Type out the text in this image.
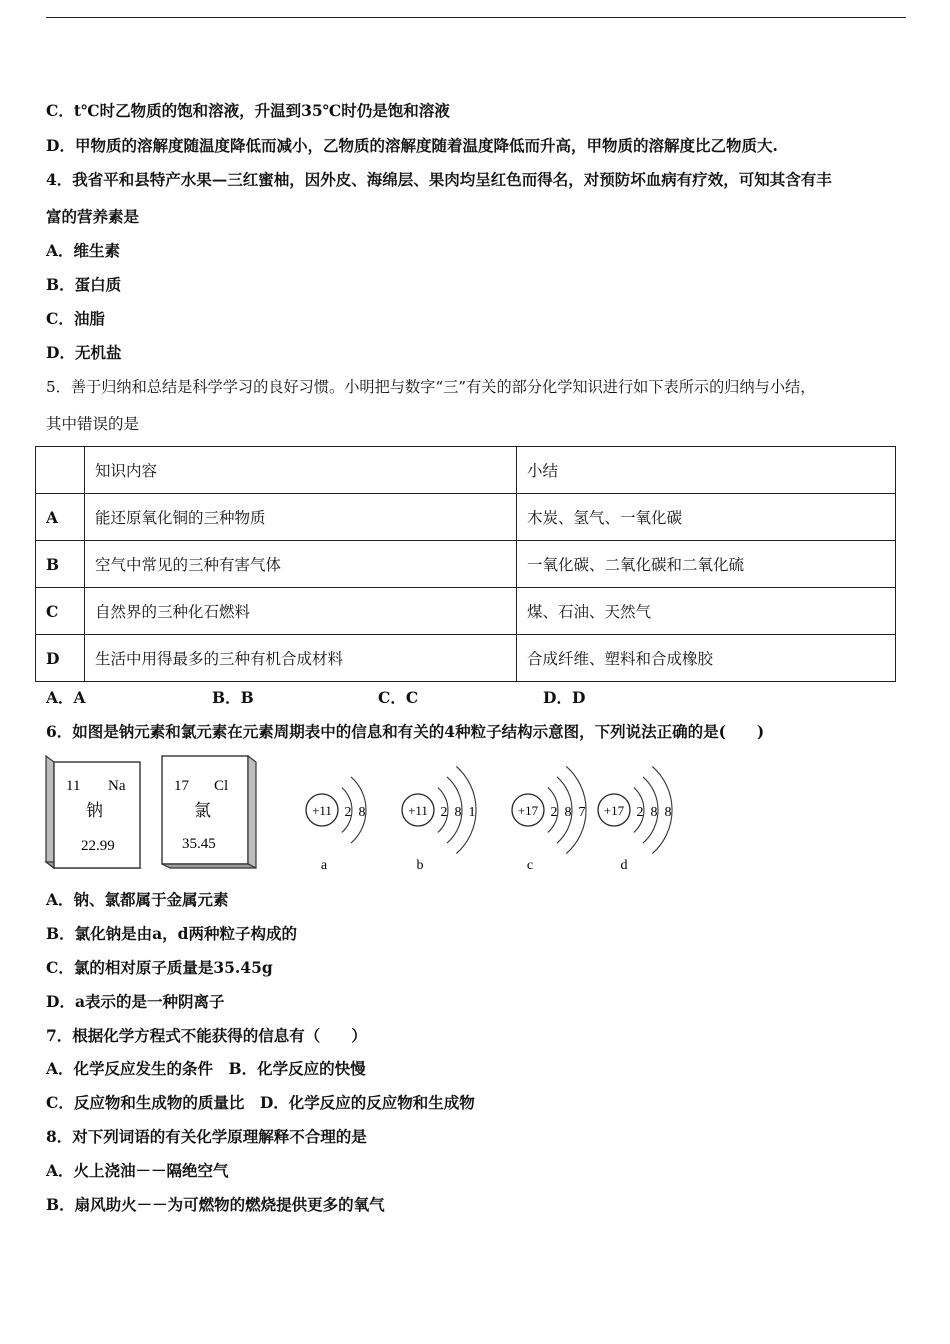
C．t℃时乙物质的饱和溶液，升温到35℃时仍是饱和溶液
D．甲物质的溶解度随温度降低而减小，乙物质的溶解度随着温度降低而升高，甲物质的溶解度比乙物质大.
4．我省平和县特产水果—三红蜜柚，因外皮、海绵层、果肉均呈红色而得名，对预防坏血病有疗效，可知其含有丰
富的营养素是
A．维生素
B．蛋白质
C．油脂
D．无机盐
5．善于归纳和总结是科学学习的良好习惯。小明把与数字“三”有关的部分化学知识进行如下表所示的归纳与小结，
其中错误的是
	知识内容	小结
A	能还原氧化铜的三种物质	木炭、氢气、一氧化碳
B	空气中常见的三种有害气体	一氧化碳、二氧化碳和二氧化硫
C	自然界的三种化石燃料	煤、石油、天然气
D	生活中用得最多的三种有机合成材料	合成纤维、塑料和合成橡胶
A．A	B．B	C．C	D．D
6．如图是钠元素和氯元素在元素周期表中的信息和有关的4种粒子结构示意图，下列说法正确的是(　　)
11 Na
钠
22.99
17 Cl
氯
35.45
+11 2 8
a
+11 2 8 1
b
+17 2 8 7
c
+17 2 8 8
d
A．钠、氯都属于金属元素
B．氯化钠是由a，d两种粒子构成的
C．氯的相对原子质量是35.45g
D．a表示的是一种阴离子
7．根据化学方程式不能获得的信息有（　　）
A．化学反应发生的条件　B．化学反应的快慢
C．反应物和生成物的质量比　D．化学反应的反应物和生成物
8．对下列词语的有关化学原理解释不合理的是
A．火上浇油－－隔绝空气
B．扇风助火－－为可燃物的燃烧提供更多的氧气
